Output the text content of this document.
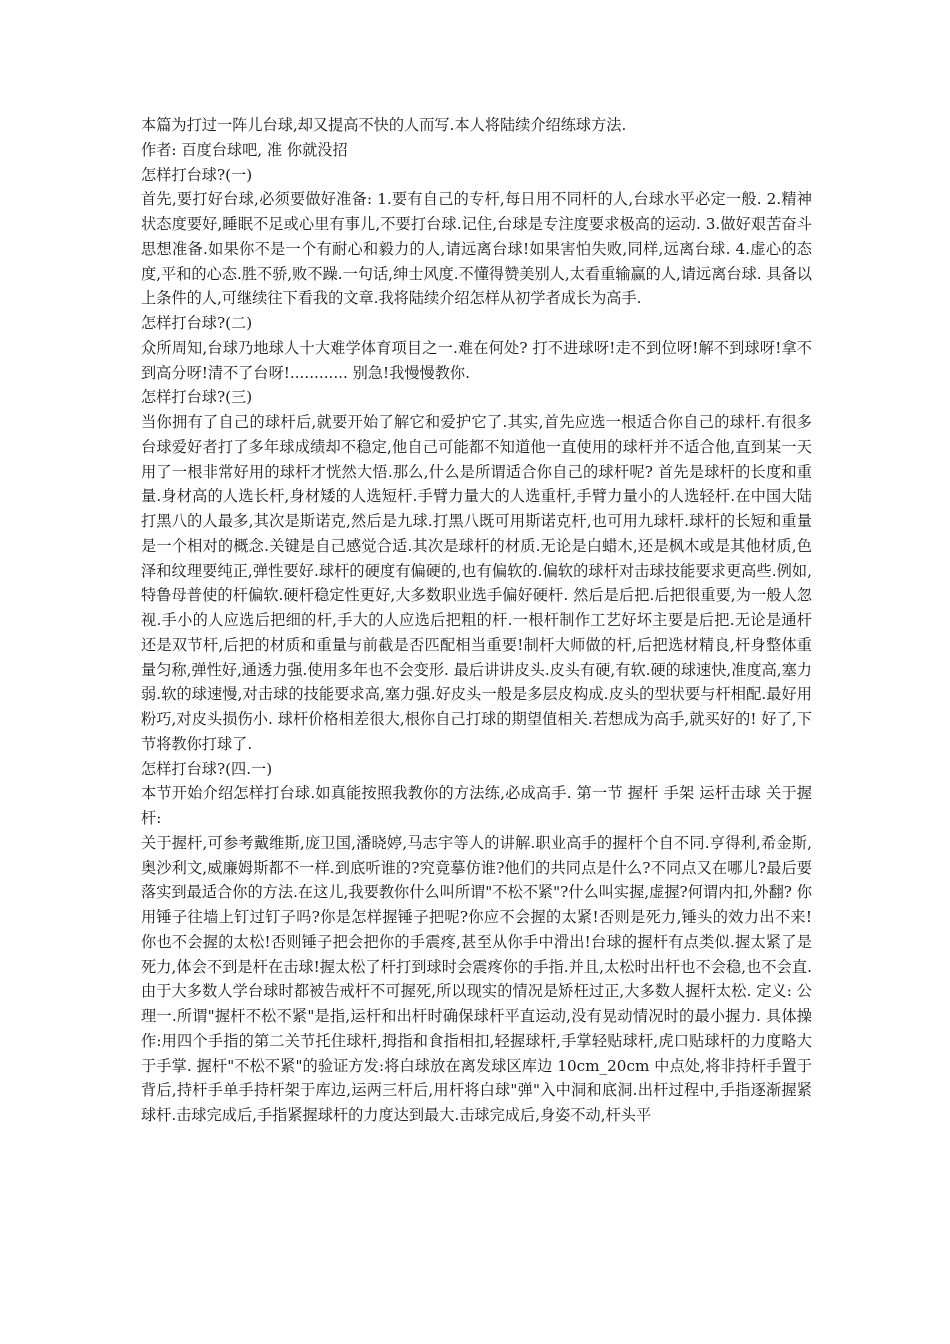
本篇为打过一阵儿台球,却又提高不快的人而写.本人将陆续介绍练球方法.

作者: 百度台球吧, 准 你就没招

怎样打台球?(一)

首先,要打好台球,必须要做好准备: 1.要有自己的专杆,每日用不同杆的人,台球水平必定一般. 2.精神状态度要好,睡眠不足或心里有事儿,不要打台球.记住,台球是专注度要求极高的运动. 3.做好艰苦奋斗思想准备.如果你不是一个有耐心和毅力的人,请远离台球!如果害怕失败,同样,远离台球. 4.虚心的态度,平和的心态.胜不骄,败不躁.一句话,绅士风度.不懂得赞美别人,太看重输赢的人,请远离台球. 具备以上条件的人,可继续往下看我的文章.我将陆续介绍怎样从初学者成长为高手.

怎样打台球?(二)

众所周知,台球乃地球人十大难学体育项目之一.难在何处? 打不进球呀!走不到位呀!解不到球呀!拿不到高分呀!清不了台呀!............ 别急!我慢慢教你.

怎样打台球?(三)

当你拥有了自己的球杆后,就要开始了解它和爱护它了.其实,首先应选一根适合你自己的球杆.有很多台球爱好者打了多年球成绩却不稳定,他自己可能都不知道他一直使用的球杆并不适合他,直到某一天用了一根非常好用的球杆才恍然大悟.那么,什么是所谓适合你自己的球杆呢? 首先是球杆的长度和重量.身材高的人选长杆,身材矮的人选短杆.手臂力量大的人选重杆,手臂力量小的人选轻杆.在中国大陆打黑八的人最多,其次是斯诺克,然后是九球.打黑八既可用斯诺克杆,也可用九球杆.球杆的长短和重量是一个相对的概念.关键是自己感觉合适.其次是球杆的材质.无论是白蜡木,还是枫木或是其他材质,色泽和纹理要纯正,弹性要好.球杆的硬度有偏硬的,也有偏软的.偏软的球杆对击球技能要求更高些.例如,特鲁母普使的杆偏软.硬杆稳定性更好,大多数职业选手偏好硬杆. 然后是后把.后把很重要,为一般人忽视.手小的人应选后把细的杆,手大的人应选后把粗的杆.一根杆制作工艺好坏主要是后把.无论是通杆还是双节杆,后把的材质和重量与前截是否匹配相当重要!制杆大师做的杆,后把选材精良,杆身整体重量匀称,弹性好,通透力强.使用多年也不会变形. 最后讲讲皮头.皮头有硬,有软.硬的球速快,准度高,塞力弱.软的球速慢,对击球的技能要求高,塞力强.好皮头一般是多层皮构成.皮头的型状要与杆相配.最好用粉巧,对皮头损伤小. 球杆价格相差很大,根你自己打球的期望值相关.若想成为高手,就买好的! 好了,下节将教你打球了.

怎样打台球?(四.一)

本节开始介绍怎样打台球.如真能按照我教你的方法练,必成高手. 第一节 握杆 手架 运杆击球 关于握杆:

关于握杆,可参考戴维斯,庞卫国,潘晓婷,马志宇等人的讲解.职业高手的握杆个自不同.亨得利,希金斯,奥沙利文,威廉姆斯都不一样.到底听谁的?究竟摹仿谁?他们的共同点是什么?不同点又在哪儿?最后要落实到最适合你的方法.在这儿,我要教你什么叫所谓"不松不紧"?什么叫实握,虚握?何谓内扣,外翻? 你用锤子往墙上钉过钉子吗?你是怎样握锤子把呢?你应不会握的太紧!否则是死力,锤头的效力出不来!你也不会握的太松!否则锤子把会把你的手震疼,甚至从你手中滑出!台球的握杆有点类似.握太紧了是死力,体会不到是杆在击球!握太松了杆打到球时会震疼你的手指.并且,太松时出杆也不会稳,也不会直.由于大多数人学台球时都被告戒杆不可握死,所以现实的情况是矫枉过正,大多数人握杆太松. 定义: 公理一.所谓"握杆不松不紧"是指,运杆和出杆时确保球杆平直运动,没有晃动情况时的最小握力. 具体操作:用四个手指的第二关节托住球杆,拇指和食指相扣,轻握球杆,手掌轻贴球杆,虎口贴球杆的力度略大于手掌. 握杆"不松不紧"的验证方发:将白球放在离发球区库边 10cm_20cm 中点处,将非持杆手置于背后,持杆手单手持杆架于库边,运两三杆后,用杆将白球"弹"入中洞和底洞.出杆过程中,手指逐渐握紧球杆.击球完成后,手指紧握球杆的力度达到最大.击球完成后,身姿不动,杆头平
